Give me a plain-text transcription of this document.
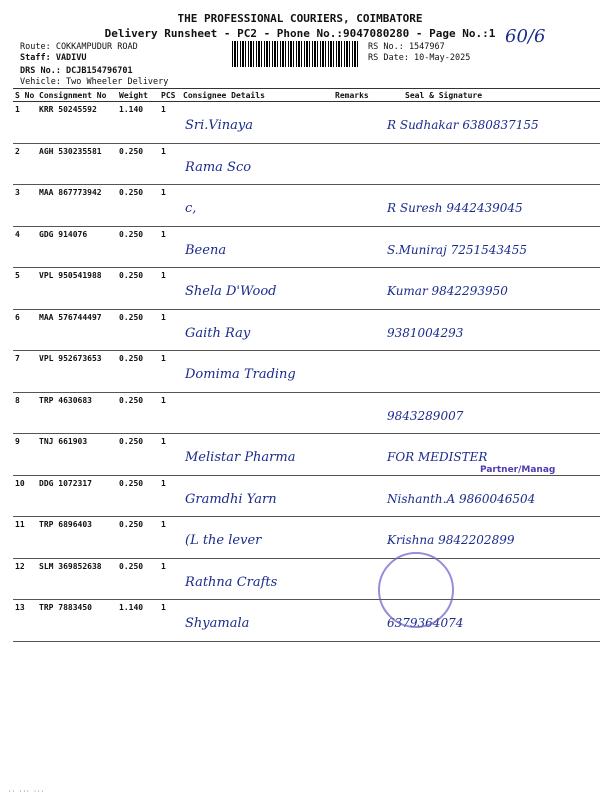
THE PROFESSIONAL COURIERS, COIMBATORE
Delivery Runsheet - PC2 - Phone No.:9047080280 - Page No.:1 60/6
Route: COKKAMPUDUR ROAD
Staff: VADIVU
DRS No.: DCJB154796701
Vehicle: Two Wheeler Delivery
RS No.: 1547967
RS Date: 10-May-2025
S No	Consignment No	Weight	PCS	Consignee Details	Remarks	Seal & Signature
1	KRR 50245592	1.140	1	Sri.Vinaya		R Sudhakar 6380837155

2	AGH 530235581	0.250	1	Rama Sco		

3	MAA 867773942	0.250	1	c,		R Suresh 9442439045

4	GDG 914076	0.250	1	Beena		S.Muniraj 7251543455

5	VPL 950541988	0.250	1	Shela D'Wood		Kumar 9842293950

6	MAA 576744497	0.250	1	Gaith Ray		9381004293

7	VPL 952673653	0.250	1	Domima Trading		

8	TRP 4630683	0.250	1			9843289007

9	TNJ 661903	0.250	1	Melistar Pharma		FOR MEDISTER

10	DDG 1072317	0.250	1	Gramdhi Yarn		Nishanth.A 9860046504

11	TRP 6896403	0.250	1	(L the lever		Krishna 9842202899

12	SLM 369852638	0.250	1	Rathna Crafts		

13	TRP 7883450	1.140	1	Shyamala		6379364074
Partner/Manag
·· ··· ···
